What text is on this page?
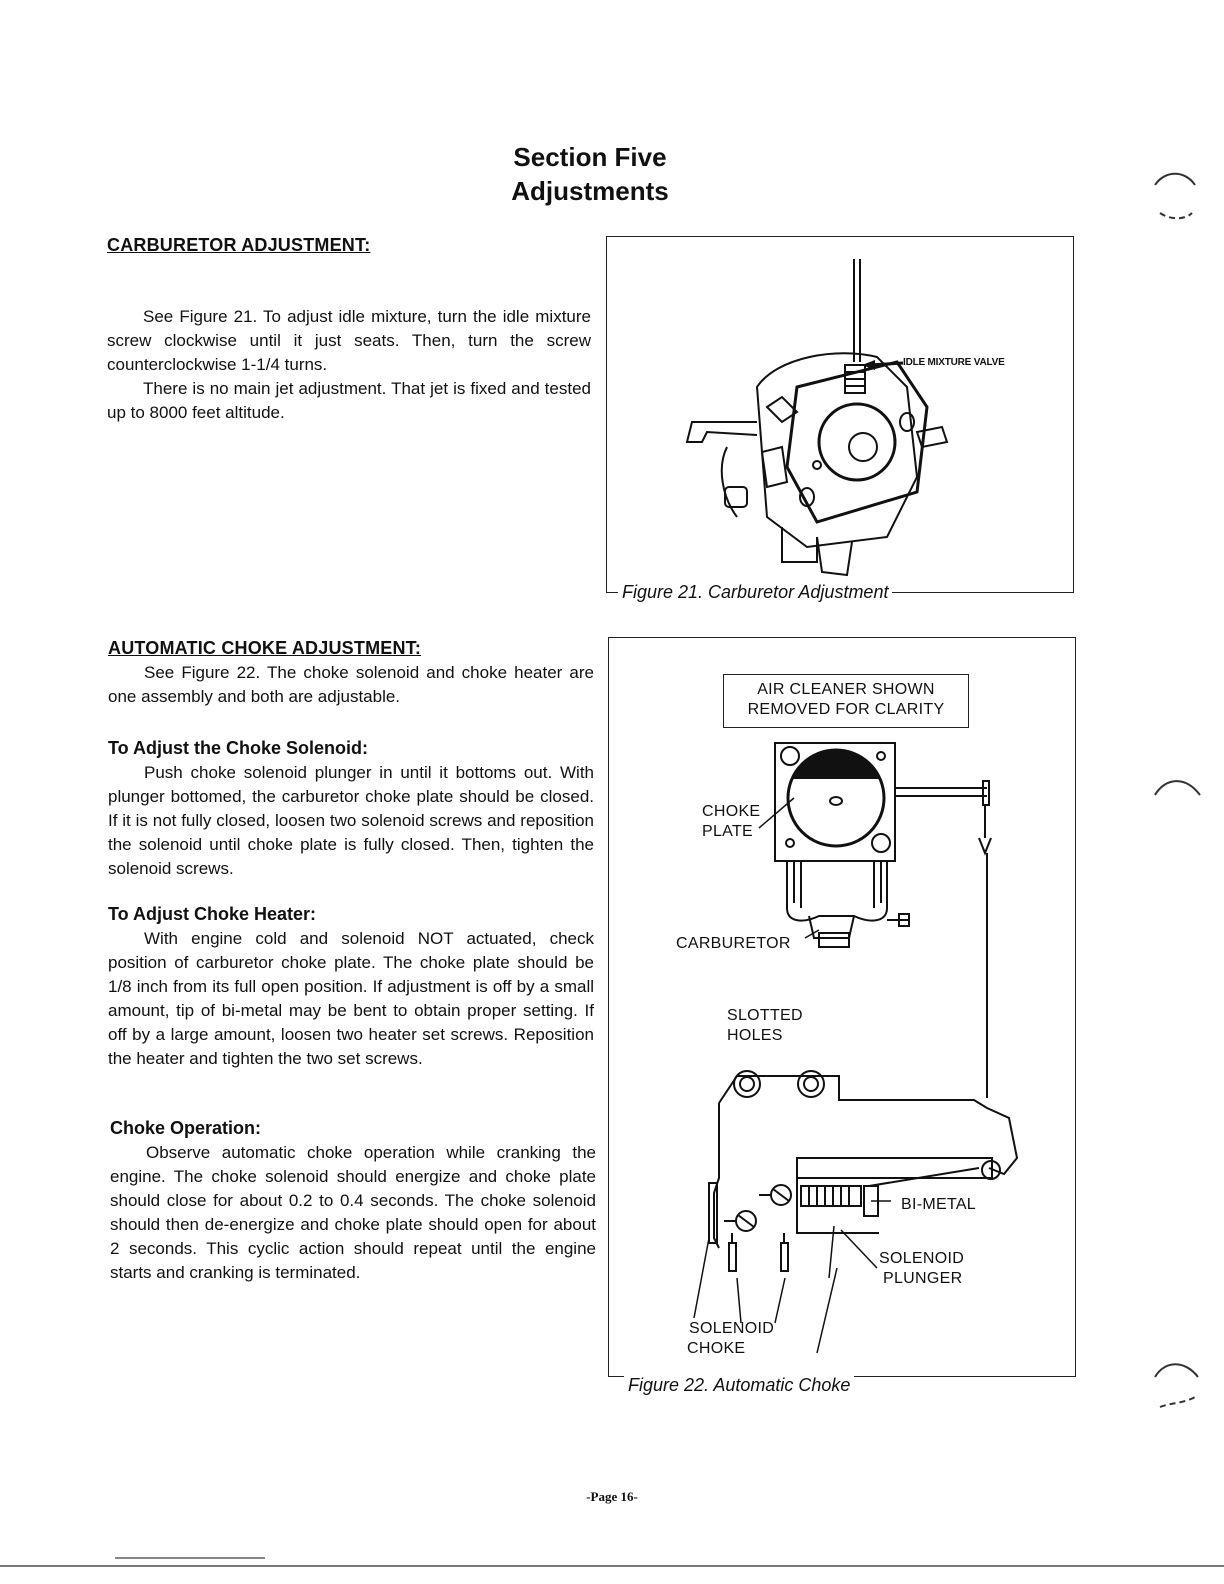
Section Five
Adjustments
CARBURETOR ADJUSTMENT:

See Figure 21. To adjust idle mixture, turn the idle mixture screw clockwise until it just seats. Then, turn the screw counterclockwise 1-1/4 turns.

There is no main jet adjustment. That jet is fixed and tested up to 8000 feet altitude.

IDLE MIXTURE VALVE
Figure 21. Carburetor Adjustment
AUTOMATIC CHOKE ADJUSTMENT:

See Figure 22. The choke solenoid and choke heater are one assembly and both are adjustable.

To Adjust the Choke Solenoid:

Push choke solenoid plunger in until it bottoms out. With plunger bottomed, the carburetor choke plate should be closed. If it is not fully closed, loosen two solenoid screws and reposition the solenoid until choke plate is fully closed. Then, tighten the solenoid screws.

To Adjust Choke Heater:

With engine cold and solenoid NOT actuated, check position of carburetor choke plate. The choke plate should be 1/8 inch from its full open position. If adjustment is off by a small amount, tip of bi-metal may be bent to obtain proper setting. If off by a large amount, loosen two heater set screws. Reposition the heater and tighten the two set screws.

Choke Operation:

Observe automatic choke operation while cranking the engine. The choke solenoid should energize and choke plate should close for about 0.2 to 0.4 seconds. The choke solenoid should then de-energize and choke plate should open for about 2 seconds. This cyclic action should repeat until the engine starts and cranking is terminated.

AIR CLEANER SHOWN
REMOVED FOR CLARITY
CHOKE
PLATE
CARBURETOR
SLOTTED
HOLES
BI-METAL
SOLENOID
PLUNGER
SOLENOID
CHOKE
Figure 22. Automatic Choke
-Page 16-
